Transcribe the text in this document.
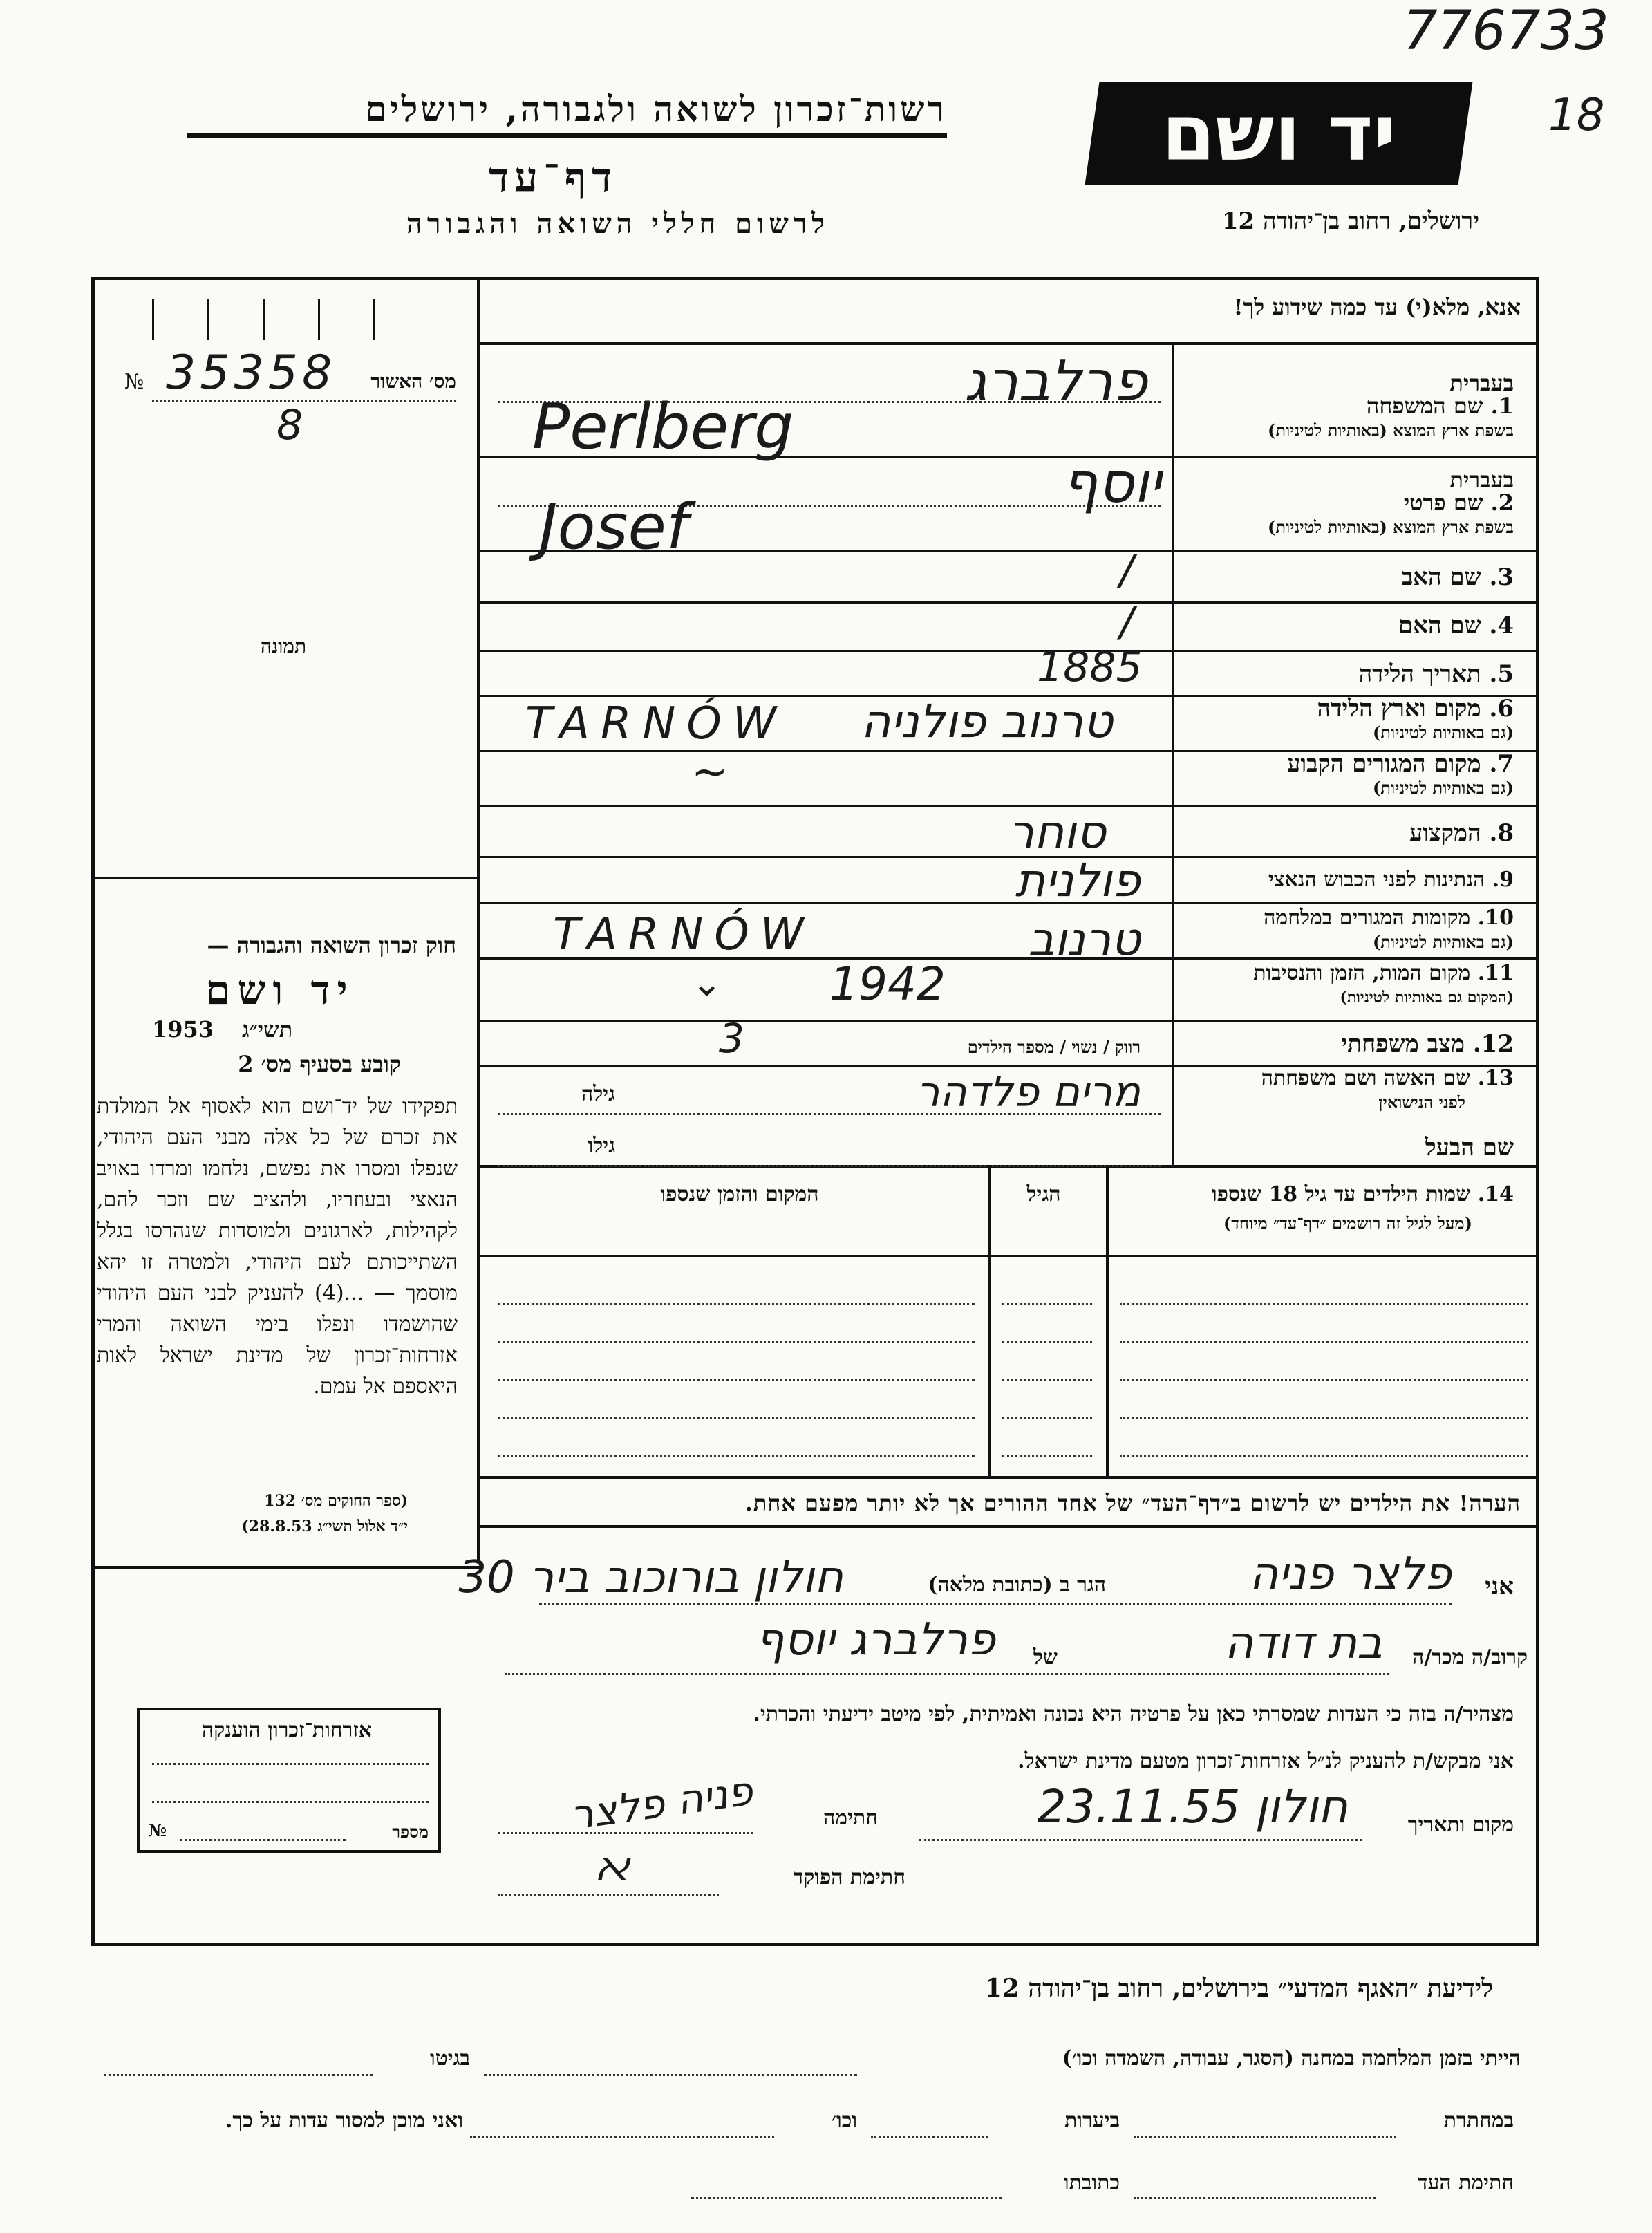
776733
18
רשות־זכרון לשואה ולגבורה, ירושלים	יד ושם
דף־עד
לרשום חללי השואה והגבורה	ירושלים, רחוב בן־יהודה 12
№ 35358
8
מס׳ האשור
תמונה
חוק זכרון השואה והגבורה —
יד ושם
תשי״ג
1953
קובע בסעיף מס׳ 2
תפקידו של יד־ושם הוא לאסוף אל המולדת את זכרם של כל אלה מבני העם היהודי, שנפלו ומסרו את נפשם, נלחמו ומרדו באויב הנאצי ובעוזריו, ולהציב שם וזכר להם, לקהילות, לארגונים ולמוסדות שנהרסו בגלל השתייכותם לעם היהודי, ולמטרה זו יהא מוסמך — ...(4) להעניק לבני העם היהודי שהושמדו ונפלו בימי השואה והמרי אזרחות־זכרון של מדינת ישראל לאות היאספם אל עמם.
(ספר החוקים מס׳ 132
י״ד אלול תשי״ג 28.8.53)
אנא, מלא(י) עד כמה שידוע לך!
בעברית
1. שם המשפחה
בשפת ארץ המוצא (באותיות לטיניות)
פרלברג
Perlberg
בעברית
2. שם פרטי
בשפת ארץ המוצא (באותיות לטיניות)
יוסף
Josef
3. שם האב
/
4. שם האם
/
5. תאריך הלידה
1885
6. מקום וארץ הלידה
(גם באותיות לטיניות)
טרנוב פולניה
TARNÓW
7. מקום המגורים הקבוע
(גם באותיות לטיניות)
~
8. המקצוע
סוחר
9. הנתינות לפני הכבוש הנאצי
פולנית
10. מקומות המגורים במלחמה
(גם באותיות לטיניות)
טרנוב
TARNÓW
11. מקום המות, הזמן והנסיבות
(המקום גם באותיות לטיניות)
1942
⌄
12. מצב משפחתי
רווק / נשוי / מספר הילדים
3
13. שם האשה ושם משפחתה
לפני הנישואין
מרים פלדהר
גילה
שם הבעל
גילו
14. שמות הילדים עד גיל 18 שנספו
(מעל לגיל זה רושמים ״דף־עד״ מיוחד)
הגיל
המקום והזמן שנספו
הערה! את הילדים יש לרשום ב״דף־העד״ של אחד ההורים אך לא יותר מפעם אחת.
אני
פלצר פניה
הגר ב (כתובת מלאה)
חולון בורוכוב ביר 30
קרוב/ה מכר/ה
בת דודה
של
פרלברג יוסף
מצהיר/ה בזה כי העדות שמסרתי כאן על פרטיה היא נכונה ואמיתית, לפי מיטב ידיעתי והכרתי.
אני מבקש/ת להעניק לנ״ל אזרחות־זכרון מטעם מדינת ישראל.
מקום ותאריך
חולון 23.11.55
חתימה
פניה פלצר
חתימת הפוקד
ﬡ
אזרחות־זכרון הוענקה
מספר
№
לידיעת ״האגף המדעי״ בירושלים, רחוב בן־יהודה 12
הייתי בזמן המלחמה במחנה (הסגר, עבודה, השמדה וכו׳)
בגיטו
במחתרת
ביערות
וכו׳
ואני מוכן למסור עדות על כך.
חתימת העד
כתובתו
